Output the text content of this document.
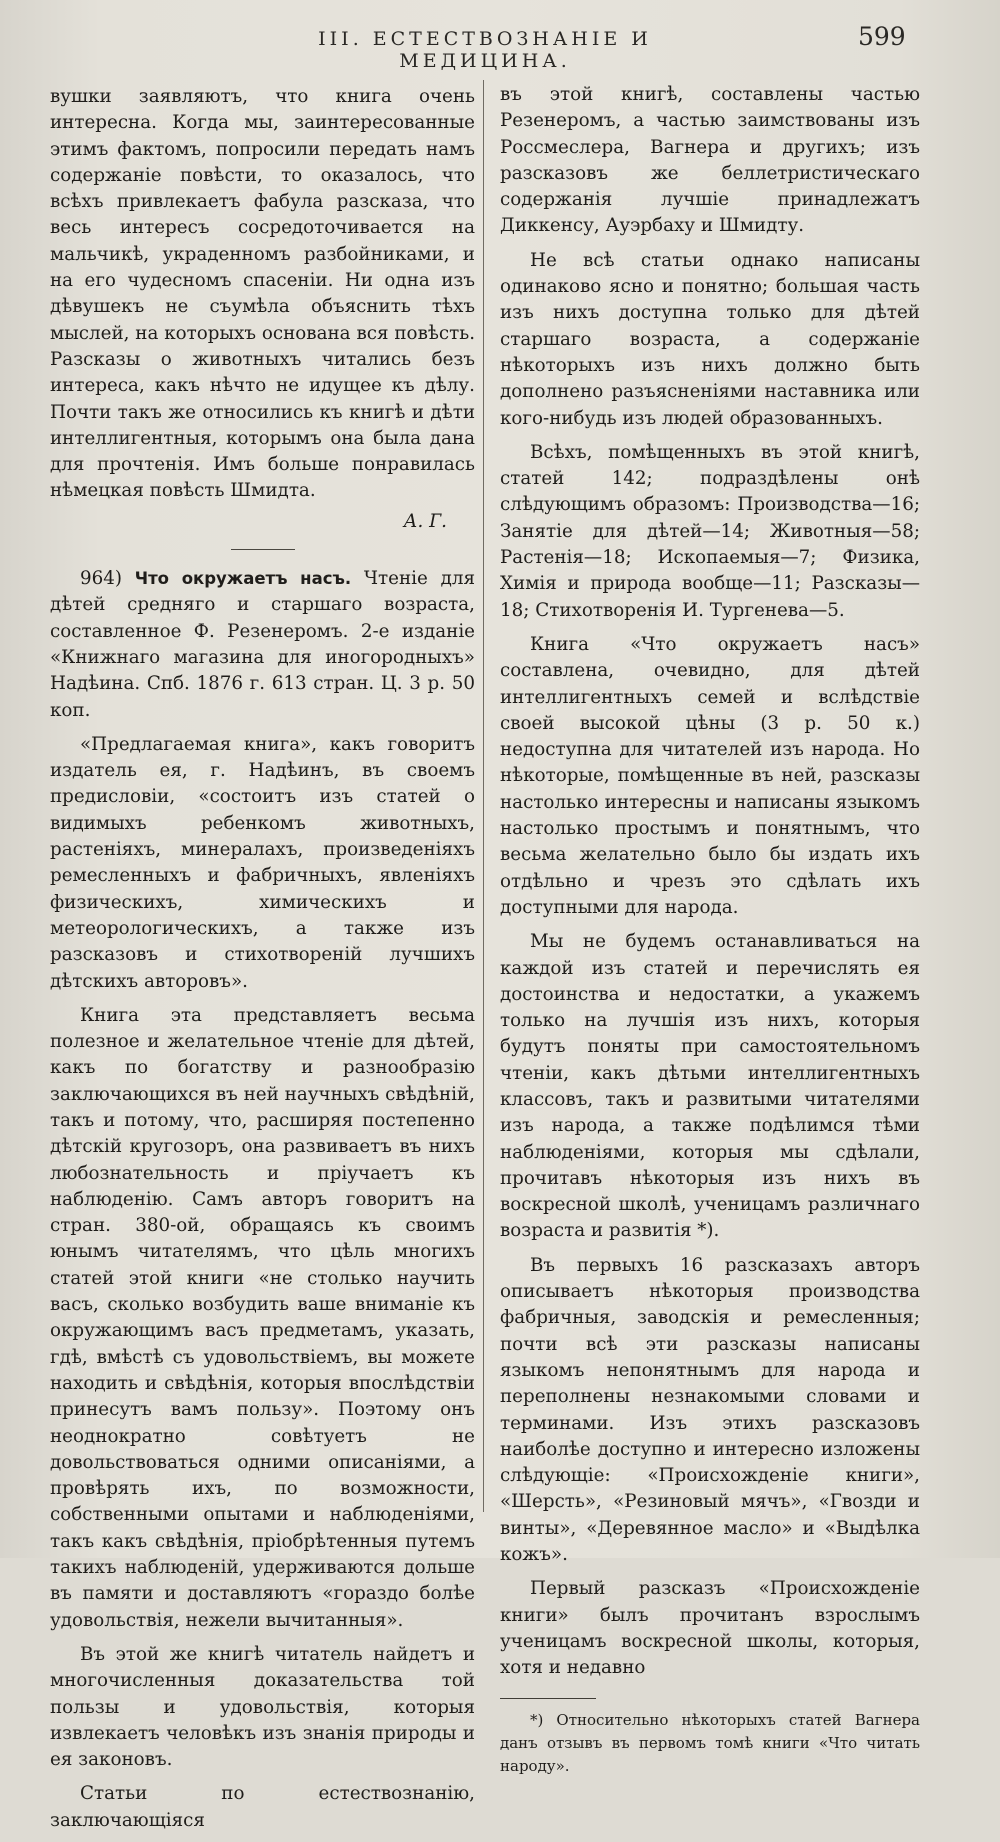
III. ЕСТЕСТВОЗНАНІЕ И МЕДИЦИНА.
599

вушки заявляютъ, что книга очень интересна. Когда мы, заинтересованные этимъ фактомъ, попросили передать намъ содержаніе повѣсти, то оказалось, что всѣхъ привлекаетъ фабула разсказа, что весь интересъ сосредоточивается на мальчикѣ, украденномъ разбойниками, и на его чудесномъ спасеніи. Ни одна изъ дѣвушекъ не съумѣла объяснить тѣхъ мыслей, на которыхъ основана вся повѣсть. Разсказы о животныхъ читались безъ интереса, какъ нѣчто не идущее къ дѣлу. Почти такъ же относились къ книгѣ и дѣти интеллигентныя, которымъ она была дана для прочтенія. Имъ больше понравилась нѣмецкая повѣсть Шмидта.

А. Г.

964) Что окружаетъ насъ. Чтеніе для дѣтей средняго и старшаго возраста, составленное Ф. Резенеромъ. 2-е изданіе «Книжнаго магазина для иногородныхъ» Надѣина. Спб. 1876 г. 613 стран. Ц. 3 р. 50 коп.

«Предлагаемая книга», какъ говоритъ издатель ея, г. Надѣинъ, въ своемъ предисловіи, «состоитъ изъ статей о видимыхъ ребенкомъ животныхъ, растеніяхъ, минералахъ, произведеніяхъ ремесленныхъ и фабричныхъ, явленіяхъ физическихъ, химическихъ и метеорологическихъ, а также изъ разсказовъ и стихотвореній лучшихъ дѣтскихъ авторовъ».

Книга эта представляетъ весьма полезное и желательное чтеніе для дѣтей, какъ по богатству и разнообразію заключающихся въ ней научныхъ свѣдѣній, такъ и потому, что, расширяя постепенно дѣтскій кругозоръ, она развиваетъ въ нихъ любознательность и пріучаетъ къ наблюденію. Самъ авторъ говоритъ на стран. 380-ой, обращаясь къ своимъ юнымъ читателямъ, что цѣль многихъ статей этой книги «не столько научить васъ, сколько возбудить ваше вниманіе къ окружающимъ васъ предметамъ, указать, гдѣ, вмѣстѣ съ удовольствіемъ, вы можете находить и свѣдѣнія, которыя впослѣдствіи принесутъ вамъ пользу». Поэтому онъ неоднократно совѣтуетъ не довольствоваться одними описаніями, а провѣрять ихъ, по возможности, собственными опытами и наблюденіями, такъ какъ свѣдѣнія, пріобрѣтенныя путемъ такихъ наблюденій, удерживаются дольше въ памяти и доставляютъ «гораздо болѣе удовольствія, нежели вычитанныя».

Въ этой же книгѣ читатель найдетъ и многочисленныя доказательства той пользы и удовольствія, которыя извлекаетъ человѣкъ изъ знанія природы и ея законовъ.

Статьи по естествознанію, заключающіяся

въ этой книгѣ, составлены частью Резенеромъ, а частью заимствованы изъ Россмеслера, Вагнера и другихъ; изъ разсказовъ же беллетристическаго содержанія лучшіе принадлежатъ Диккенсу, Ауэрбаху и Шмидту.

Не всѣ статьи однако написаны одинаково ясно и понятно; большая часть изъ нихъ доступна только для дѣтей старшаго возраста, а содержаніе нѣкоторыхъ изъ нихъ должно быть дополнено разъясненіями наставника или кого-нибудь изъ людей образованныхъ.

Всѣхъ, помѣщенныхъ въ этой книгѣ, статей 142; подраздѣлены онѣ слѣдующимъ образомъ: Производства—16; Занятіе для дѣтей—14; Животныя—58; Растенія—18; Ископаемыя—7; Физика, Химія и природа вообще—11; Разсказы—18; Стихотворенія И. Тургенева—5.

Книга «Что окружаетъ насъ» составлена, очевидно, для дѣтей интеллигентныхъ семей и вслѣдствіе своей высокой цѣны (3 р. 50 к.) недоступна для читателей изъ народа. Но нѣкоторые, помѣщенные въ ней, разсказы настолько интересны и написаны языкомъ настолько простымъ и понятнымъ, что весьма желательно было бы издать ихъ отдѣльно и чрезъ это сдѣлать ихъ доступными для народа.

Мы не будемъ останавливаться на каждой изъ статей и перечислять ея достоинства и недостатки, а укажемъ только на лучшія изъ нихъ, которыя будутъ поняты при самостоятельномъ чтеніи, какъ дѣтьми интеллигентныхъ классовъ, такъ и развитыми читателями изъ народа, а также подѣлимся тѣми наблюденіями, которыя мы сдѣлали, прочитавъ нѣкоторыя изъ нихъ въ воскресной школѣ, ученицамъ различнаго возраста и развитія *).

Въ первыхъ 16 разсказахъ авторъ описываетъ нѣкоторыя производства фабричныя, заводскія и ремесленныя; почти всѣ эти разсказы написаны языкомъ непонятнымъ для народа и переполнены незнакомыми словами и терминами. Изъ этихъ разсказовъ наиболѣе доступно и интересно изложены слѣдующіе: «Происхожденіе книги», «Шерсть», «Резиновый мячъ», «Гвозди и винты», «Деревянное масло» и «Выдѣлка кожъ».

Первый разсказъ «Происхожденіе книги» былъ прочитанъ взрослымъ ученицамъ воскресной школы, которыя, хотя и недавно

*) Относительно нѣкоторыхъ статей Вагнера данъ отзывъ въ первомъ томѣ книги «Что читать народу».
